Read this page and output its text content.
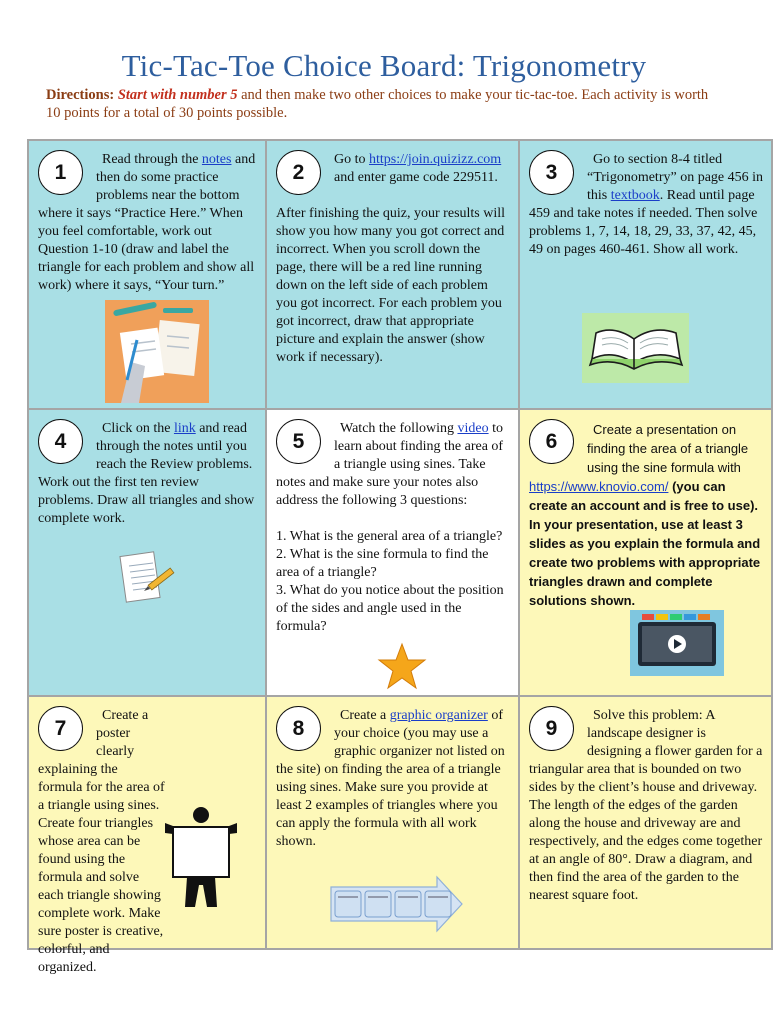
Tic-Tac-Toe Choice Board: Trigonometry
Directions: Start with number 5 and then make two other choices to make your tic-tac-toe. Each activity is worth 10 points for a total of 30 points possible.
1
Read through the notes and then do some practice problems near the bottom where it says “Practice Here.” When you feel comfortable, work out Question 1-10 (draw and label the triangle for each problem and show all work) where it says, “Your turn.”
2
Go to https://join.quizizz.com and enter game code 229511.

After finishing the quiz, your results will show you how many you got correct and incorrect. When you scroll down the page, there will be a red line running down on the left side of each problem you got incorrect. For each problem you got incorrect, draw that appropriate picture and explain the answer (show work if necessary).

3
Go to section 8-4 titled “Trigonometry” on page 456 in this textbook. Read until page 459 and take notes if needed. Then solve problems 1, 7, 14, 18, 29, 33, 37, 42, 45, 49 on pages 460-461. Show all work.
4
Click on the link and read through the notes until you reach the Review problems. Work out the first ten review problems. Draw all triangles and show complete work.
5
Watch the following video to learn about finding the area of a triangle using sines. Take notes and make sure your notes also address the following 3 questions:

1. What is the general area of a triangle?

2. What is the sine formula to find the area of a triangle?

3. What do you notice about the position of the sides and angle used in the formula?

6	Create a presentation on finding the area of a triangle using the sine formula with https://www.knovio.com/ (you can create an account and is free to use). In your presentation, use at least 3 slides as you explain the formula and create two problems with appropriate triangles drawn and complete solutions shown.
7
Create a poster clearly explaining the formula for the area of a triangle using sines. Create four triangles whose area can be found using the formula and solve each triangle showing complete work. Make sure poster is creative, colorful, and organized.
8
Create a graphic organizer of your choice (you may use a graphic organizer not listed on the site) on finding the area of a triangle using sines. Make sure you provide at least 2 examples of triangles where you can apply the formula with all work shown.
9
Solve this problem: A landscape designer is designing a flower garden for a triangular area that is bounded on two sides by the client’s house and driveway. The length of the edges of the garden along the house and driveway are and respectively, and the edges come together at an angle of 80°. Draw a diagram, and then find the area of the garden to the nearest square foot.
